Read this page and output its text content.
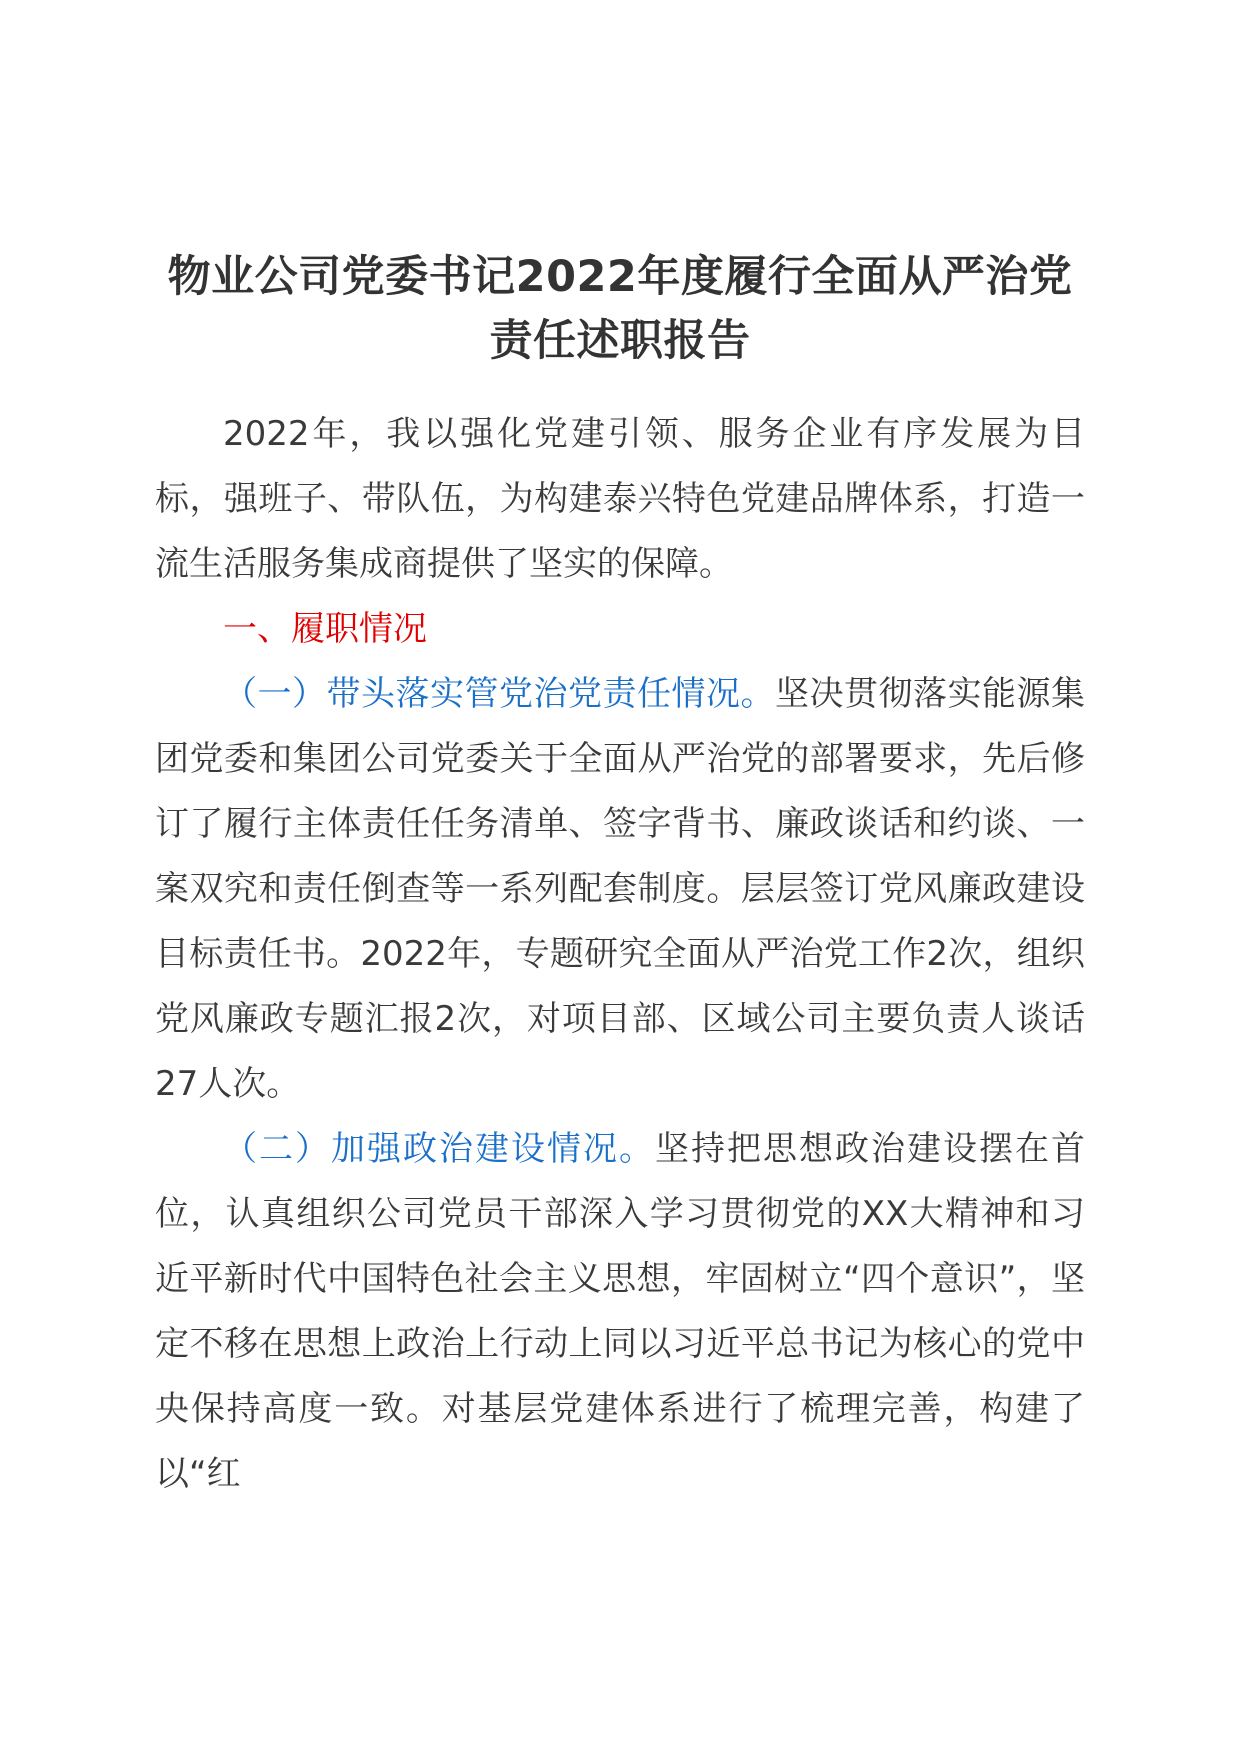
物业公司党委书记2022年度履行全面从严治党责任述职报告

2022年，我以强化党建引领、服务企业有序发展为目标，强班子、带队伍，为构建泰兴特色党建品牌体系，打造一流生活服务集成商提供了坚实的保障。

一、履职情况

（一）带头落实管党治党责任情况。坚决贯彻落实能源集团党委和集团公司党委关于全面从严治党的部署要求，先后修订了履行主体责任任务清单、签字背书、廉政谈话和约谈、一案双究和责任倒查等一系列配套制度。层层签订党风廉政建设目标责任书。2022年，专题研究全面从严治党工作2次，组织党风廉政专题汇报2次，对项目部、区域公司主要负责人谈话27人次。

（二）加强政治建设情况。坚持把思想政治建设摆在首位，认真组织公司党员干部深入学习贯彻党的XX大精神和习近平新时代中国特色社会主义思想，牢固树立“四个意识”，坚定不移在思想上政治上行动上同以习近平总书记为核心的党中央保持高度一致。对基层党建体系进行了梳理完善，构建了以“红
